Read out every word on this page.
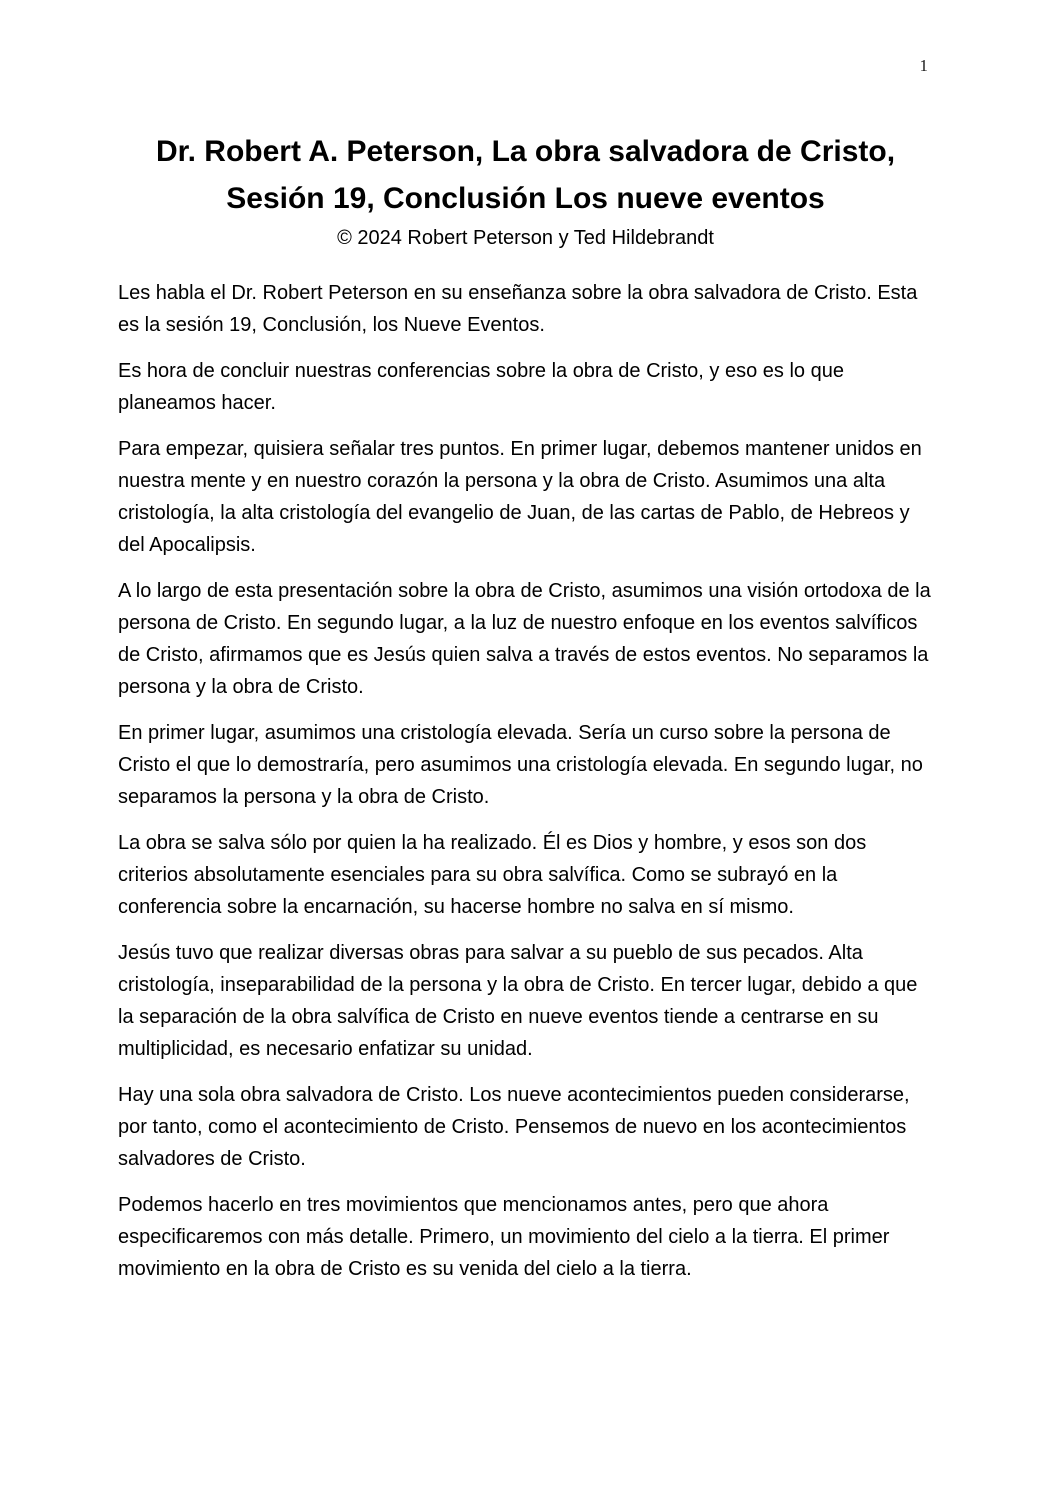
1
Dr. Robert A. Peterson, La obra salvadora de Cristo,
Sesión 19, Conclusión Los nueve eventos
© 2024 Robert Peterson y Ted Hildebrandt

Les habla el Dr. Robert Peterson en su enseñanza sobre la obra salvadora de Cristo. Esta es la sesión 19, Conclusión, los Nueve Eventos.

Es hora de concluir nuestras conferencias sobre la obra de Cristo, y eso es lo que planeamos hacer.

Para empezar, quisiera señalar tres puntos. En primer lugar, debemos mantener unidos en nuestra mente y en nuestro corazón la persona y la obra de Cristo. Asumimos una alta cristología, la alta cristología del evangelio de Juan, de las cartas de Pablo, de Hebreos y del Apocalipsis.

A lo largo de esta presentación sobre la obra de Cristo, asumimos una visión ortodoxa de la persona de Cristo. En segundo lugar, a la luz de nuestro enfoque en los eventos salvíficos de Cristo, afirmamos que es Jesús quien salva a través de estos eventos. No separamos la persona y la obra de Cristo.

En primer lugar, asumimos una cristología elevada. Sería un curso sobre la persona de Cristo el que lo demostraría, pero asumimos una cristología elevada. En segundo lugar, no separamos la persona y la obra de Cristo.

La obra se salva sólo por quien la ha realizado. Él es Dios y hombre, y esos son dos criterios absolutamente esenciales para su obra salvífica. Como se subrayó en la conferencia sobre la encarnación, su hacerse hombre no salva en sí mismo.

Jesús tuvo que realizar diversas obras para salvar a su pueblo de sus pecados. Alta cristología, inseparabilidad de la persona y la obra de Cristo. En tercer lugar, debido a que la separación de la obra salvífica de Cristo en nueve eventos tiende a centrarse en su multiplicidad, es necesario enfatizar su unidad.

Hay una sola obra salvadora de Cristo. Los nueve acontecimientos pueden considerarse, por tanto, como el acontecimiento de Cristo. Pensemos de nuevo en los acontecimientos salvadores de Cristo.

Podemos hacerlo en tres movimientos que mencionamos antes, pero que ahora especificaremos con más detalle. Primero, un movimiento del cielo a la tierra. El primer movimiento en la obra de Cristo es su venida del cielo a la tierra.
